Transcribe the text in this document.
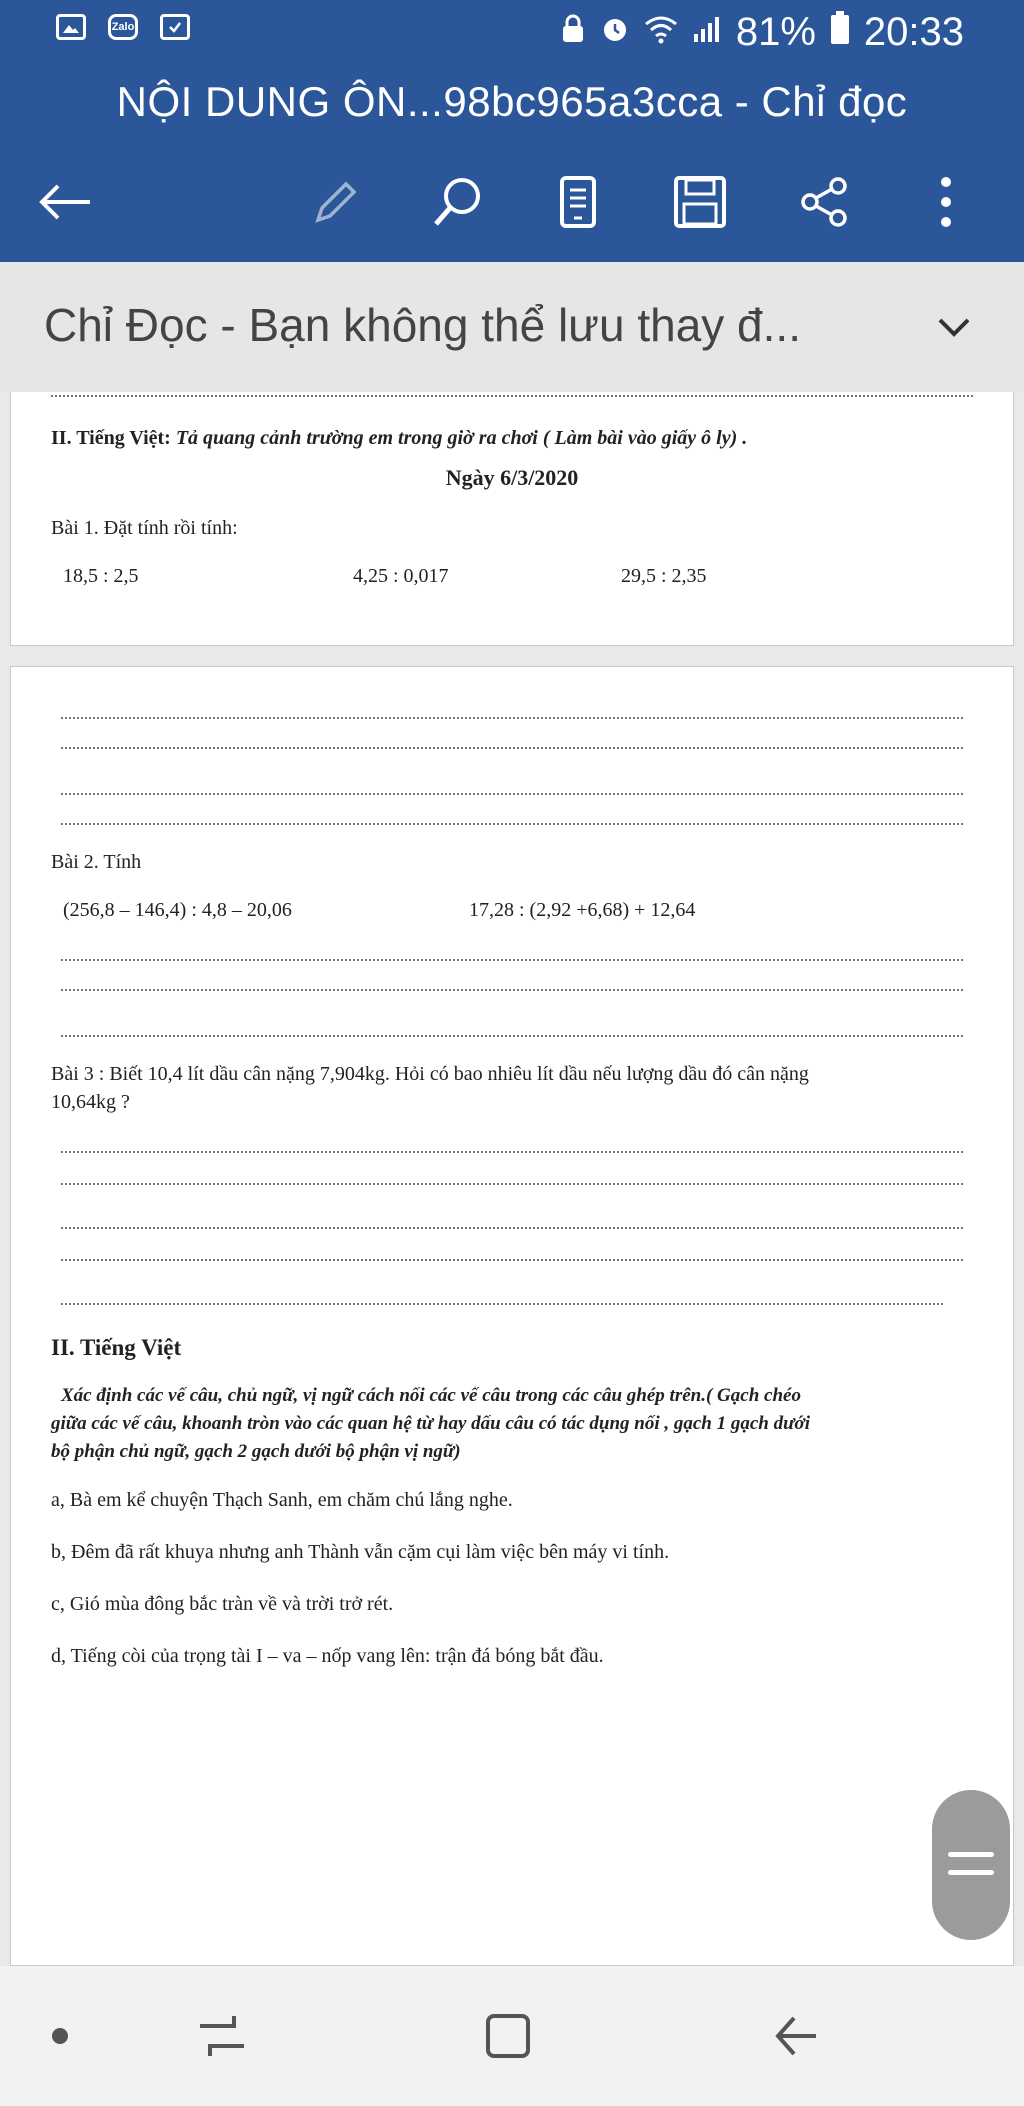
Zalo	81% 20:33
NỘI DUNG ÔN...98bc965a3cca - Chỉ đọc
Chỉ Đọc - Bạn không thể lưu thay đ...
II. Tiếng Việt: Tả quang cảnh trường em trong giờ ra chơi ( Làm bài vào giấy ô ly) .
Ngày 6/3/2020
Bài 1. Đặt tính rồi tính:
18,5 : 2,5	4,25 : 0,017	29,5 : 2,35
Bài 2. Tính
(256,8 – 146,4) : 4,8 – 20,06	17,28 : (2,92 +6,68) + 12,64
Bài 3 : Biết 10,4 lít dầu cân nặng 7,904kg. Hỏi có bao nhiêu lít dầu nếu lượng dầu đó cân nặng
10,64kg ?
II. Tiếng Việt
Xác định các vế câu, chủ ngữ, vị ngữ cách nối các vế câu trong các câu ghép trên.( Gạch chéo
giữa các vế câu, khoanh tròn vào các quan hệ từ hay dấu câu có tác dụng nối , gạch 1 gạch dưới
bộ phận chủ ngữ, gạch 2 gạch dưới bộ phận vị ngữ)
a, Bà em kể chuyện Thạch Sanh, em chăm chú lắng nghe.
b, Đêm đã rất khuya nhưng anh Thành vẫn cặm cụi làm việc bên máy vi tính.
c, Gió mùa đông bắc tràn về và trời trở rét.
d, Tiếng còi của trọng tài I – va – nốp vang lên: trận đá bóng bắt đầu.
